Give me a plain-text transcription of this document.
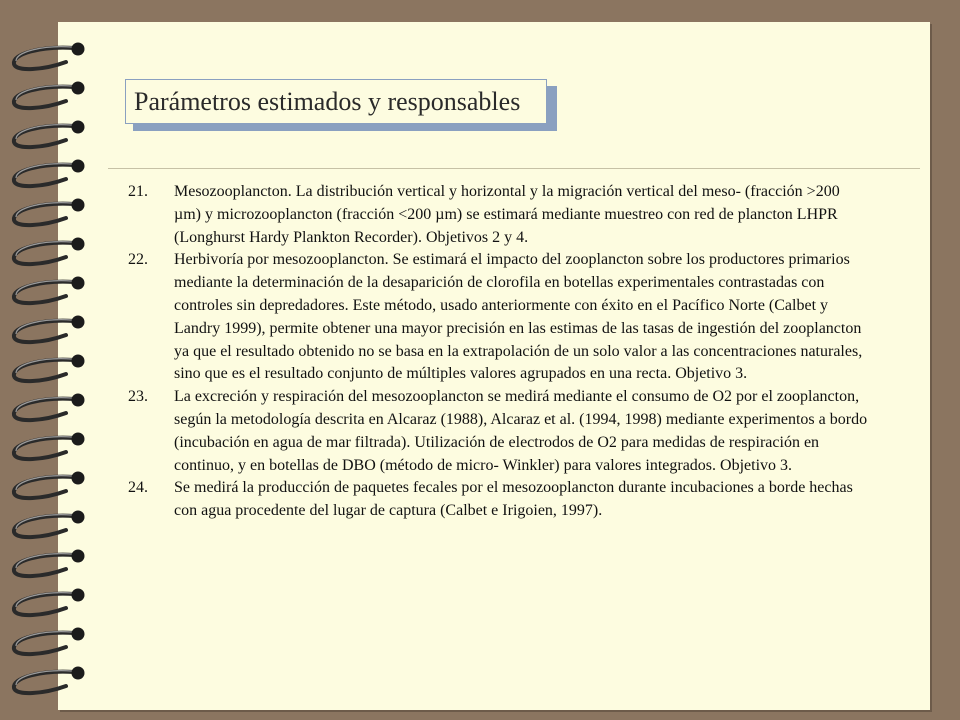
Parámetros estimados y responsables
21.	Mesozooplancton. La distribución vertical y horizontal y la migración vertical del meso- (fracción >200 µm) y microzooplancton (fracción <200 µm) se estimará mediante muestreo con red de plancton LHPR (Longhurst Hardy Plankton Recorder). Objetivos 2 y 4.
22.	Herbivoría por mesozooplancton. Se estimará el impacto del zooplancton sobre los productores primarios mediante la determinación de la desaparición de clorofila en botellas experimentales contrastadas con controles sin depredadores. Este método, usado anteriormente con éxito en el Pacífico Norte (Calbet y Landry 1999), permite obtener una mayor precisión en las estimas de las tasas de ingestión del zooplancton ya que el resultado obtenido no se basa en la extrapolación de un solo valor a las concentraciones naturales, sino que es el resultado conjunto de múltiples valores agrupados en una recta. Objetivo 3.
23.	La excreción y respiración del mesozooplancton se medirá mediante el consumo de O2 por el zooplancton, según la metodología descrita en Alcaraz (1988), Alcaraz et al. (1994, 1998) mediante experimentos a bordo (incubación en agua de mar filtrada). Utilización de electrodos de O2 para medidas de respiración en continuo, y en botellas de DBO (método de micro- Winkler) para valores integrados. Objetivo 3.
24.	Se medirá la producción de paquetes fecales por el mesozooplancton durante incubaciones a borde hechas con agua procedente del lugar de captura (Calbet e Irigoien, 1997).
